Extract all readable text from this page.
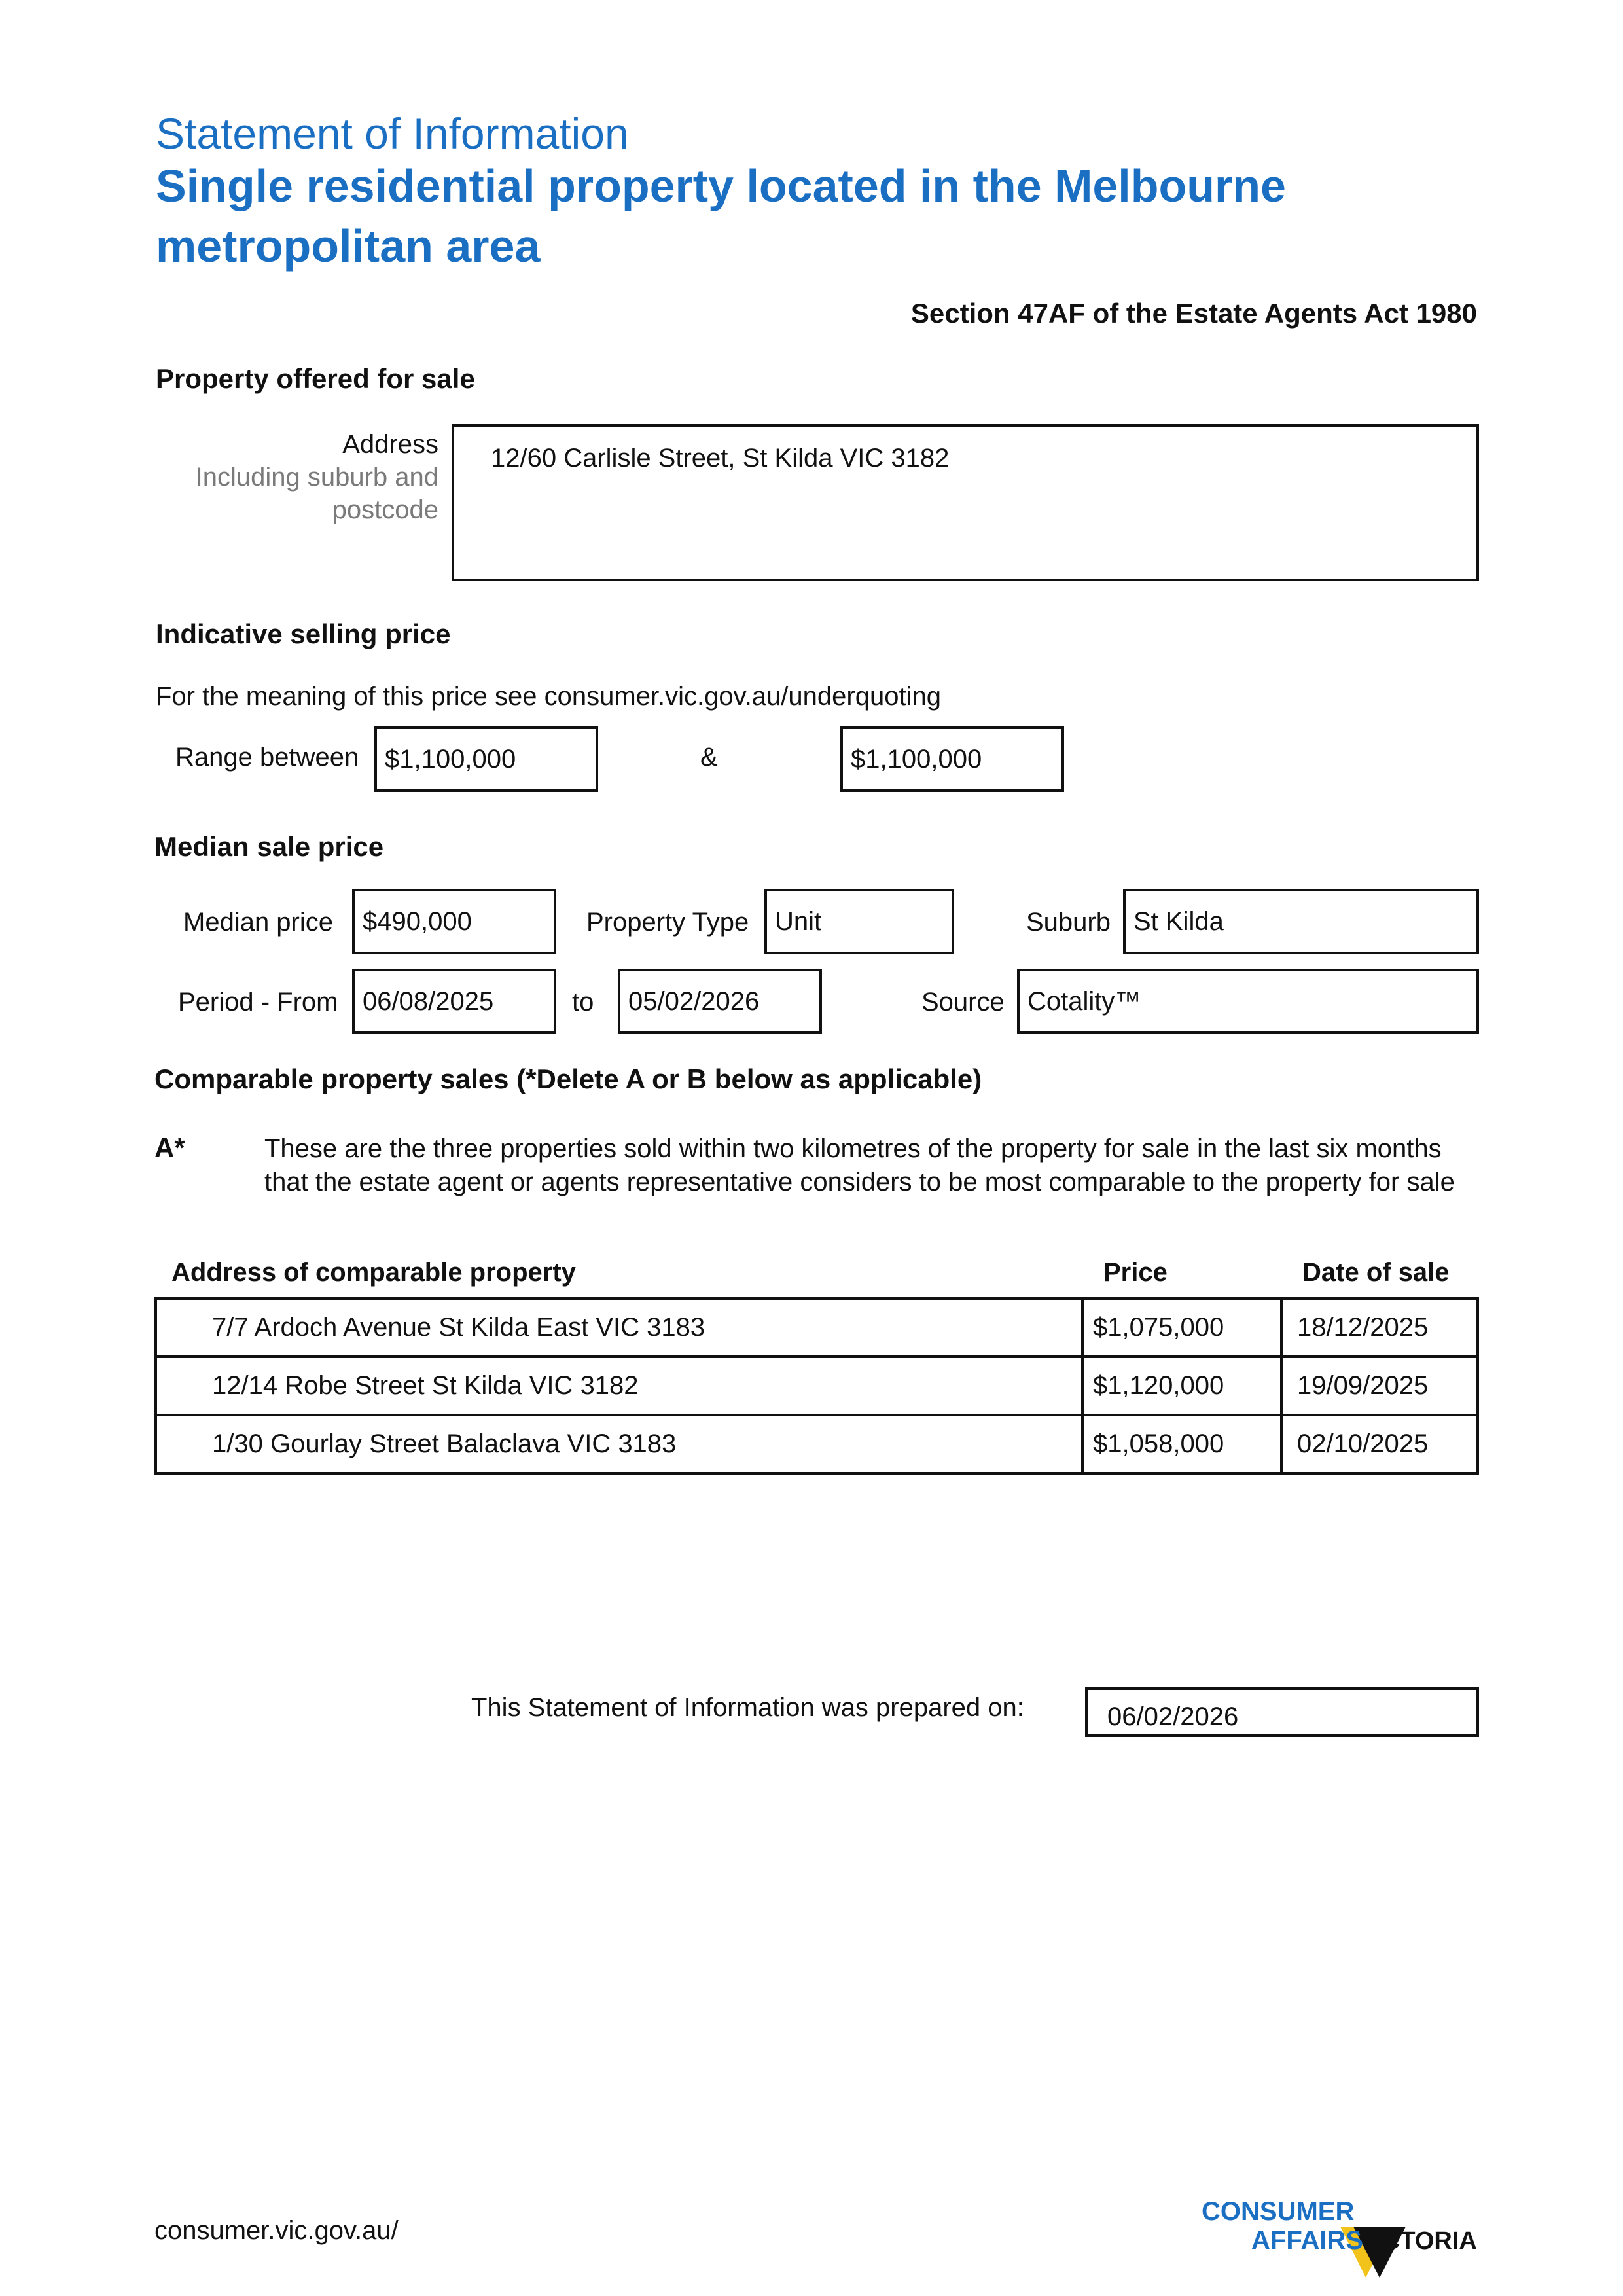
Statement of Information
Single residential property located in the Melbourne metropolitan area
Section 47AF of the Estate Agents Act 1980
Property offered for sale
Address
Including suburb and
postcode
12/60 Carlisle Street, St Kilda VIC 3182
Indicative selling price
For the meaning of this price see consumer.vic.gov.au/underquoting
Range between $1,100,000	&	$1,100,000
Median sale price
Median price	$490,000	Property Type Unit	Suburb St Kilda
Period - From 06/08/2025	to	05/02/2026	Source Cotality™
Comparable property sales (*Delete A or B below as applicable)
A*	These are the three properties sold within two kilometres of the property for sale in the last six months that the estate agent or agents representative considers to be most comparable to the property for sale
Address of comparable property	Price	Date of sale
7/7 Ardoch Avenue St Kilda East VIC 3183	$1,075,000	18/12/2025
12/14 Robe Street St Kilda VIC 3182	$1,120,000	19/09/2025
1/30 Gourlay Street Balaclava VIC 3183	$1,058,000	02/10/2025
This Statement of Information was prepared on:	06/02/2026
consumer.vic.gov.au/
CONSUMER
AFFAIRS
VICTORIA
